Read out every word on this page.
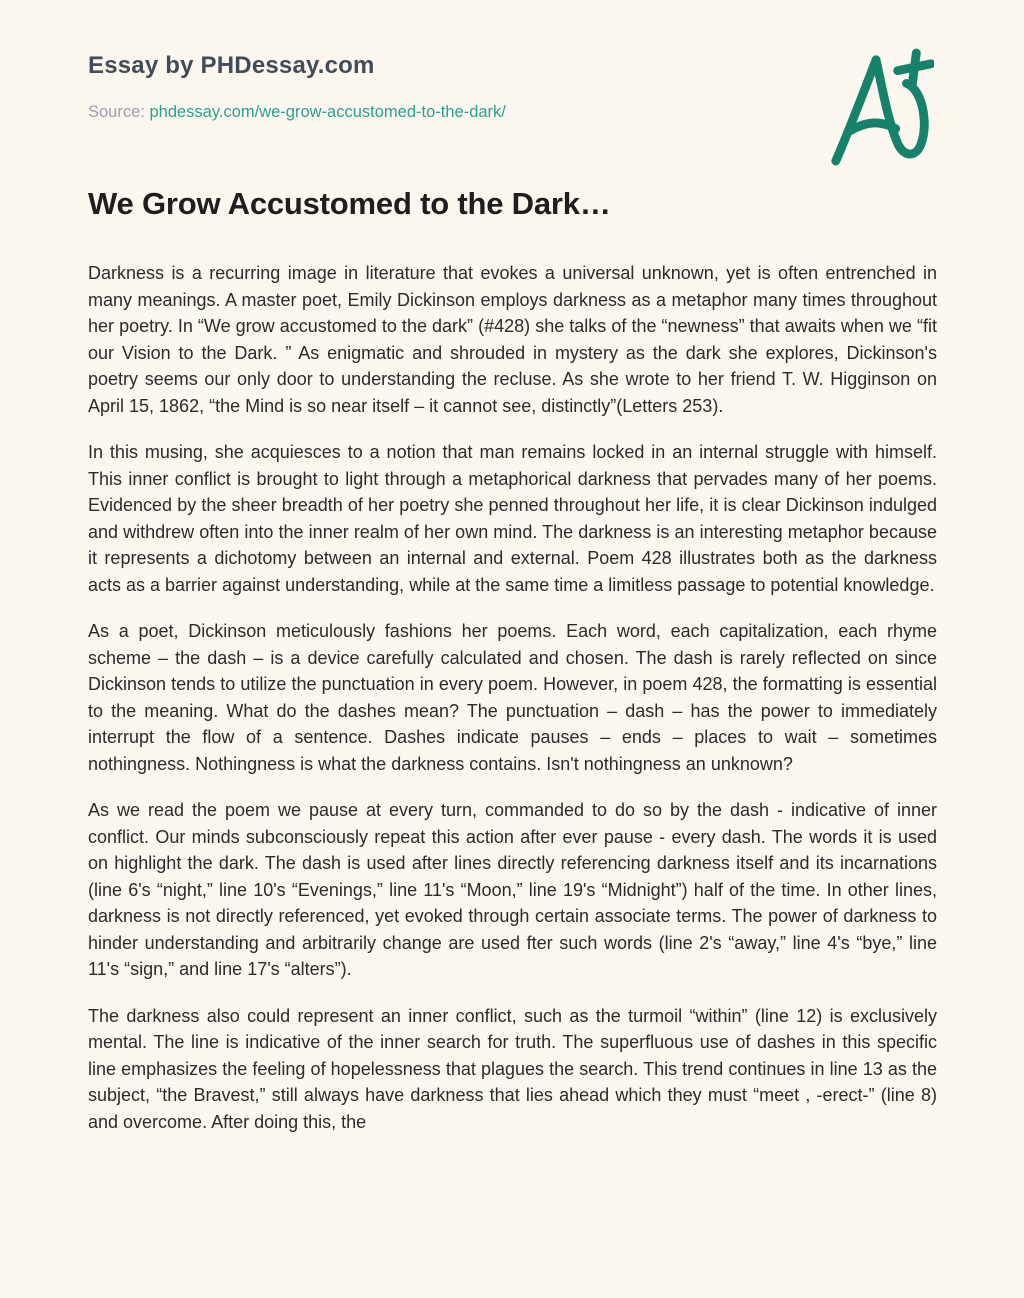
Essay by PHDessay.com
Source: phdessay.com/we-grow-accustomed-to-the-dark/
We Grow Accustomed to the Dark…

Darkness is a recurring image in literature that evokes a universal unknown, yet is often entrenched in many meanings. A master poet, Emily Dickinson employs darkness as a metaphor many times throughout her poetry. In “We grow accustomed to the dark” (#428) she talks of the “newness” that awaits when we “fit our Vision to the Dark. ” As enigmatic and shrouded in mystery as the dark she explores, Dickinson's poetry seems our only door to understanding the recluse. As she wrote to her friend T. W. Higginson on April 15, 1862, “the Mind is so near itself – it cannot see, distinctly”(Letters 253).

In this musing, she acquiesces to a notion that man remains locked in an internal struggle with himself. This inner conflict is brought to light through a metaphorical darkness that pervades many of her poems. Evidenced by the sheer breadth of her poetry she penned throughout her life, it is clear Dickinson indulged and withdrew often into the inner realm of her own mind. The darkness is an interesting metaphor because it represents a dichotomy between an internal and external. Poem 428 illustrates both as the darkness acts as a barrier against understanding, while at the same time a limitless passage to potential knowledge.

As a poet, Dickinson meticulously fashions her poems. Each word, each capitalization, each rhyme scheme – the dash – is a device carefully calculated and chosen. The dash is rarely reflected on since Dickinson tends to utilize the punctuation in every poem. However, in poem 428, the formatting is essential to the meaning. What do the dashes mean? The punctuation – dash – has the power to immediately interrupt the flow of a sentence. Dashes indicate pauses – ends – places to wait – sometimes nothingness. Nothingness is what the darkness contains. Isn't nothingness an unknown?

As we read the poem we pause at every turn, commanded to do so by the dash - indicative of inner conflict. Our minds subconsciously repeat this action after ever pause - every dash. The words it is used on highlight the dark. The dash is used after lines directly referencing darkness itself and its incarnations (line 6's “night,” line 10's “Evenings,” line 11's “Moon,” line 19's “Midnight”) half of the time. In other lines, darkness is not directly referenced, yet evoked through certain associate terms. The power of darkness to hinder understanding and arbitrarily change are used fter such words (line 2's “away,” line 4's “bye,” line 11's “sign,” and line 17's “alters”).

The darkness also could represent an inner conflict, such as the turmoil “within” (line 12) is exclusively mental. The line is indicative of the inner search for truth. The superfluous use of dashes in this specific line emphasizes the feeling of hopelessness that plagues the search. This trend continues in line 13 as the subject, “the Bravest,” still always have darkness that lies ahead which they must “meet , -erect-” (line 8) and overcome. After doing this, the
